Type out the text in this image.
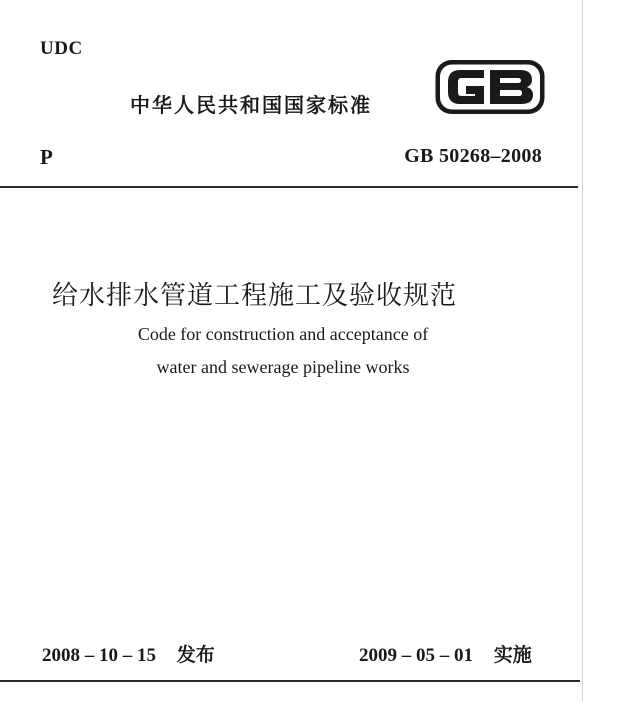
UDC
中华人民共和国国家标准
P	GB 50268–2008
给水排水管道工程施工及验收规范
Code for construction and acceptance of
water and sewerage pipeline works
2008 – 10 – 15 发布	2009 – 05 – 01 实施
